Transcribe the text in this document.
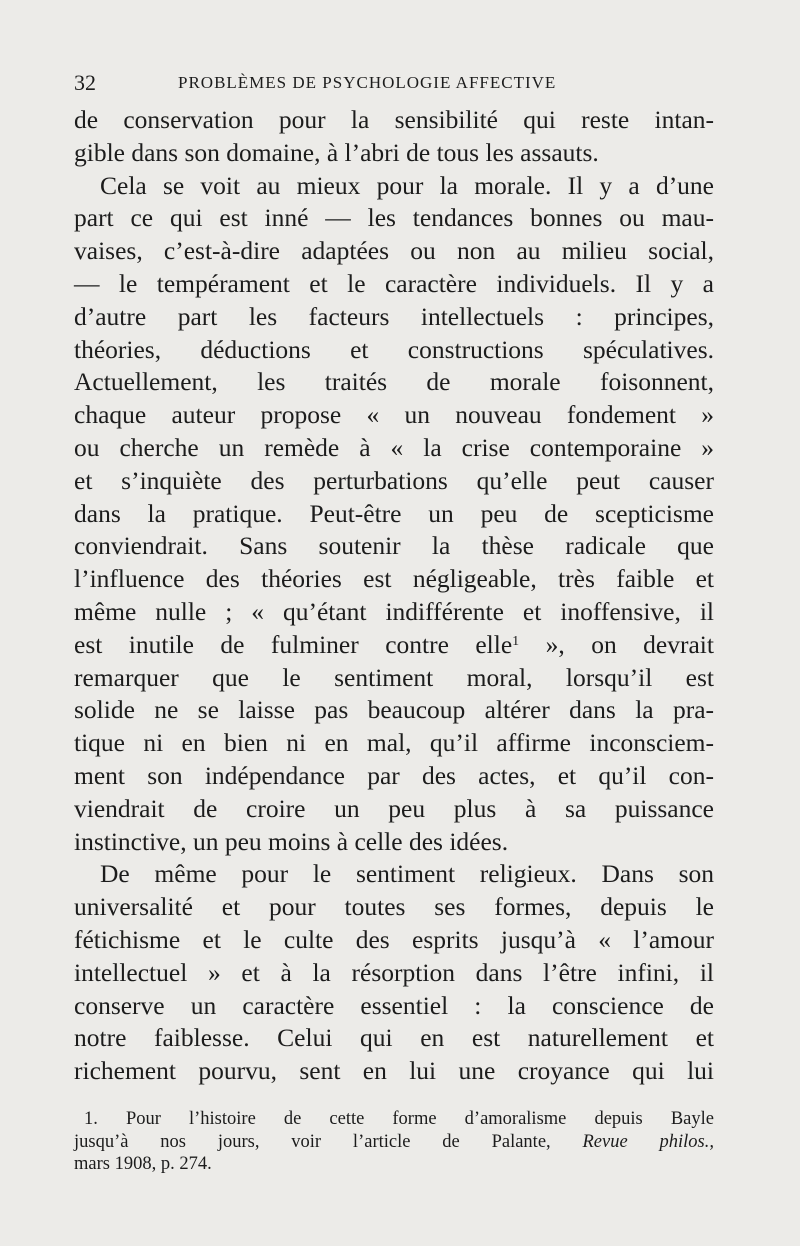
32	PROBLÈMES DE PSYCHOLOGIE AFFECTIVE
de conservation pour la sensibilité qui reste intan-
gible dans son domaine, à l’abri de tous les assauts.
Cela se voit au mieux pour la morale. Il y a d’une
part ce qui est inné — les tendances bonnes ou mau-
vaises, c’est-à-dire adaptées ou non au milieu social,
— le tempérament et le caractère individuels. Il y a
d’autre part les facteurs intellectuels : principes,
théories, déductions et constructions spéculatives.
Actuellement, les traités de morale foisonnent,
chaque auteur propose « un nouveau fondement »
ou cherche un remède à « la crise contemporaine »
et s’inquiète des perturbations qu’elle peut causer
dans la pratique. Peut-être un peu de scepticisme
conviendrait. Sans soutenir la thèse radicale que
l’influence des théories est négligeable, très faible et
même nulle ; « qu’étant indifférente et inoffensive, il
est inutile de fulminer contre elle$^1$ », on devrait
remarquer que le sentiment moral, lorsqu’il est
solide ne se laisse pas beaucoup altérer dans la pra-
tique ni en bien ni en mal, qu’il affirme inconsciem-
ment son indépendance par des actes, et qu’il con-
viendrait de croire un peu plus à sa puissance
instinctive, un peu moins à celle des idées.
De même pour le sentiment religieux. Dans son
universalité et pour toutes ses formes, depuis le
fétichisme et le culte des esprits jusqu’à « l’amour
intellectuel » et à la résorption dans l’être infini, il
conserve un caractère essentiel : la conscience de
notre faiblesse. Celui qui en est naturellement et
richement pourvu, sent en lui une croyance qui lui
1. Pour l’histoire de cette forme d’amoralisme depuis Bayle
jusqu’à nos jours, voir l’article de Palante, Revue philos.,
mars 1908, p. 274.
